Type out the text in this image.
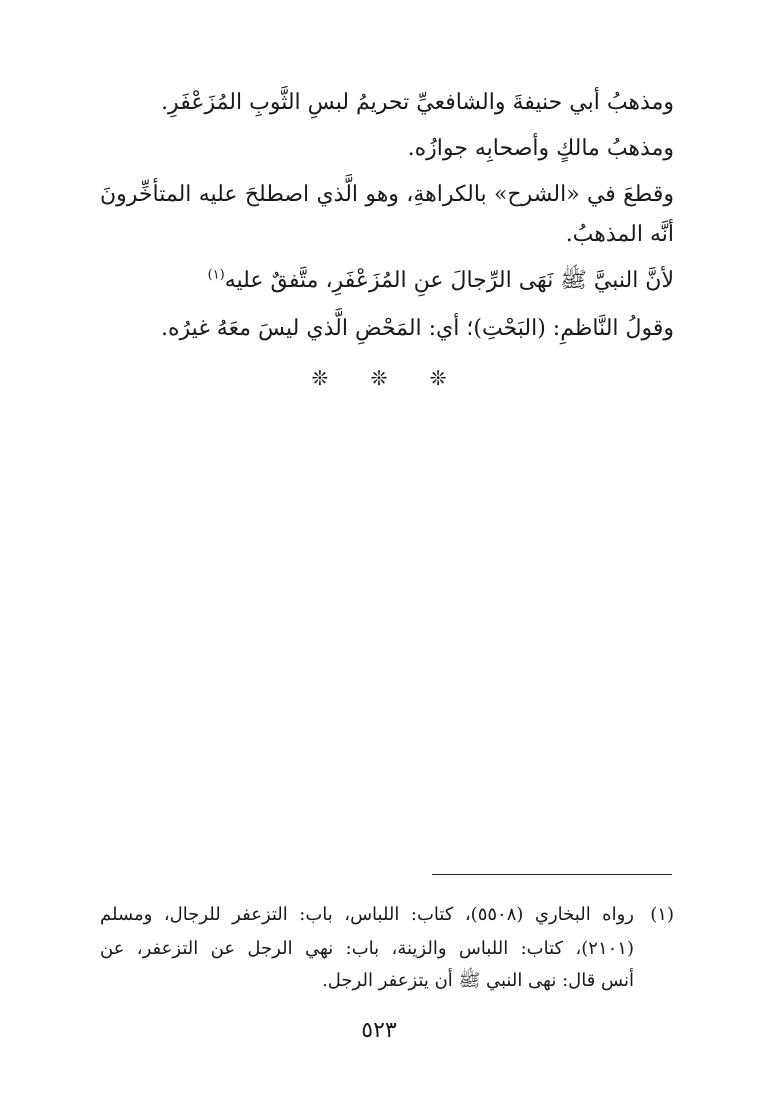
ومذهبُ أبي حنيفةَ والشافعيِّ تحريمُ لبسِ الثَّوبِ المُزَعْفَرِ.
ومذهبُ مالكٍ وأصحابِه جوازُه.
وقطعَ في «الشرح» بالكراهةِ، وهو الَّذي اصطلحَ عليه المتأخِّرونَ
أنَّه المذهبُ.
لأنَّ النبيَّ ﷺ نَهَى الرِّجالَ عنِ المُزَعْفَرِ، متَّفقٌ عليه$^{(١)}$
وقولُ النَّاظمِ: (البَحْتِ)؛ أي: المَحْضِ الَّذي ليسَ معَهُ غيرُه.
❊ ❊ ❊
(١)
رواه البخاري (٥٥٠٨)، كتاب: اللباس، باب: التزعفر للرجال، ومسلم
(٢١٠١)، كتاب: اللباس والزينة، باب: نهي الرجل عن التزعفر، عن
أنس قال: نهى النبي ﷺ أن يتزعفر الرجل.
٥٢٣
